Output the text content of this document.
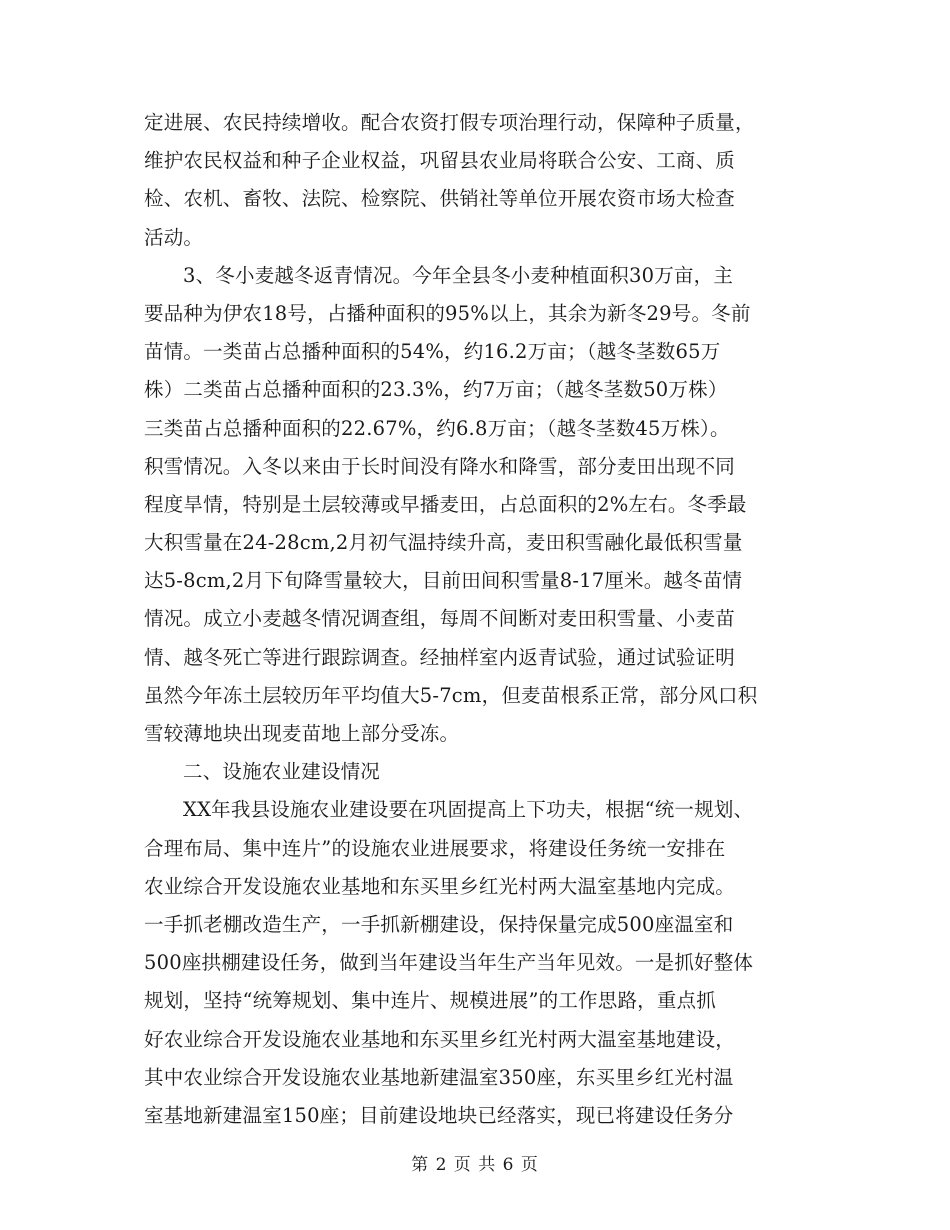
定进展、农民持续增收。配合农资打假专项治理行动，保障种子质量，
维护农民权益和种子企业权益，巩留县农业局将联合公安、工商、质
检、农机、畜牧、法院、检察院、供销社等单位开展农资市场大检查
活动。
3、冬小麦越冬返青情况。今年全县冬小麦种植面积30万亩，主
要品种为伊农18号，占播种面积的95%以上，其余为新冬29号。冬前
苗情。一类苗占总播种面积的54%，约16.2万亩；（越冬茎数65万
株）二类苗占总播种面积的23.3%，约7万亩；（越冬茎数50万株）
三类苗占总播种面积的22.67%，约6.8万亩；（越冬茎数45万株）。
积雪情况。入冬以来由于长时间没有降水和降雪，部分麦田出现不同
程度旱情，特别是土层较薄或早播麦田，占总面积的2%左右。冬季最
大积雪量在24-28cm,2月初气温持续升高，麦田积雪融化最低积雪量
达5-8cm,2月下旬降雪量较大，目前田间积雪量8-17厘米。越冬苗情
情况。成立小麦越冬情况调查组，每周不间断对麦田积雪量、小麦苗
情、越冬死亡等进行跟踪调查。经抽样室内返青试验，通过试验证明
虽然今年冻土层较历年平均值大5-7cm，但麦苗根系正常，部分风口积
雪较薄地块出现麦苗地上部分受冻。
二、设施农业建设情况
XX年我县设施农业建设要在巩固提高上下功夫，根据“统一规划、
合理布局、集中连片”的设施农业进展要求，将建设任务统一安排在
农业综合开发设施农业基地和东买里乡红光村两大温室基地内完成。
一手抓老棚改造生产，一手抓新棚建设，保持保量完成500座温室和
500座拱棚建设任务，做到当年建设当年生产当年见效。一是抓好整体
规划，坚持“统筹规划、集中连片、规模进展”的工作思路，重点抓
好农业综合开发设施农业基地和东买里乡红光村两大温室基地建设，
其中农业综合开发设施农业基地新建温室350座，东买里乡红光村温
室基地新建温室150座；目前建设地块已经落实，现已将建设任务分
第 2 页 共 6 页
